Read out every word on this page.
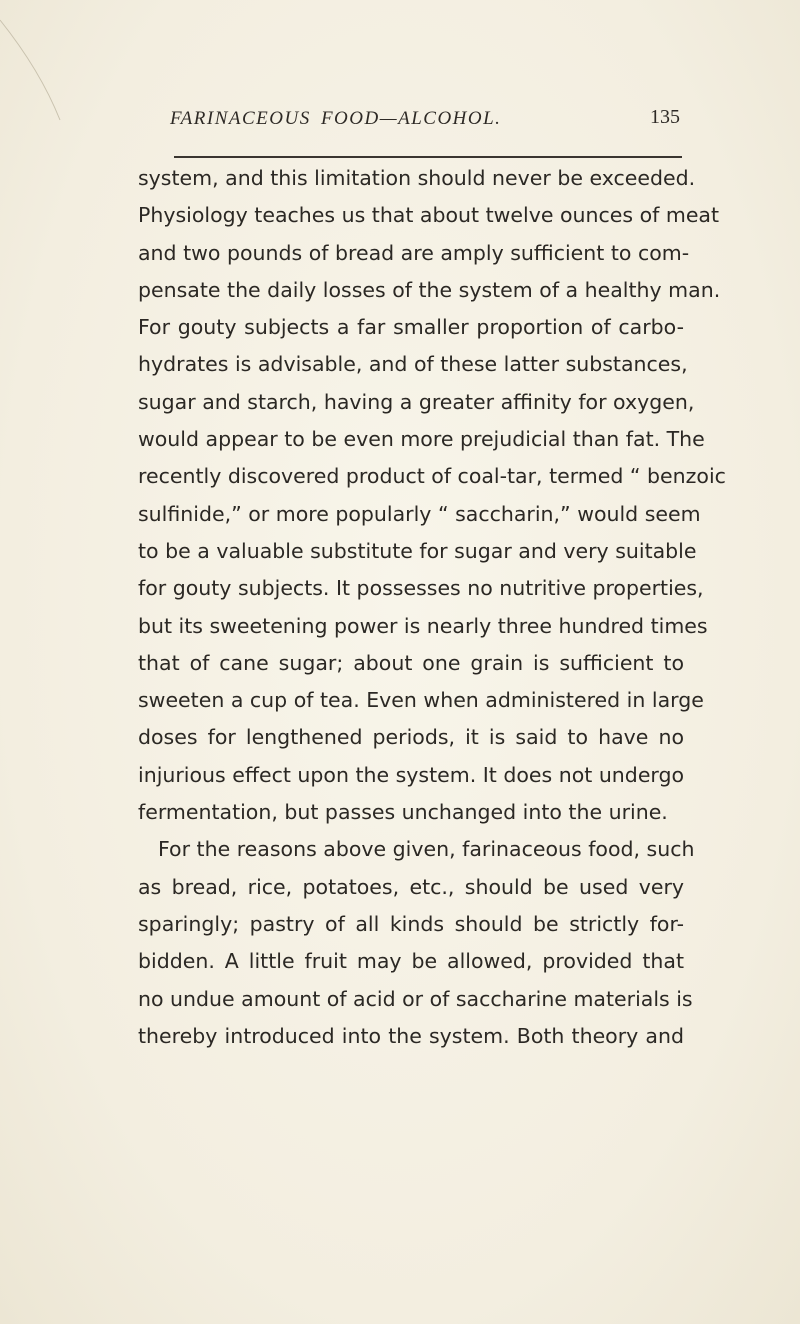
FARINACEOUS FOOD—ALCOHOL.	135
system, and this limitation should never be exceeded.
Physiology teaches us that about twelve ounces of meat
and two pounds of bread are amply sufficient to com-
pensate the daily losses of the system of a healthy man.
For gouty subjects a far smaller proportion of carbo-
hydrates is advisable, and of these latter substances,
sugar and starch, having a greater affinity for oxygen,
would appear to be even more prejudicial than fat. The
recently discovered product of coal-tar, termed “ benzoic
sulfinide,” or more popularly “ saccharin,” would seem
to be a valuable substitute for sugar and very suitable
for gouty subjects. It possesses no nutritive properties,
but its sweetening power is nearly three hundred times
that of cane sugar; about one grain is sufficient to
sweeten a cup of tea. Even when administered in large
doses for lengthened periods, it is said to have no
injurious effect upon the system. It does not undergo
fermentation, but passes unchanged into the urine.
For the reasons above given, farinaceous food, such
as bread, rice, potatoes, etc., should be used very
sparingly; pastry of all kinds should be strictly for-
bidden. A little fruit may be allowed, provided that
no undue amount of acid or of saccharine materials is
thereby introduced into the system. Both theory and
